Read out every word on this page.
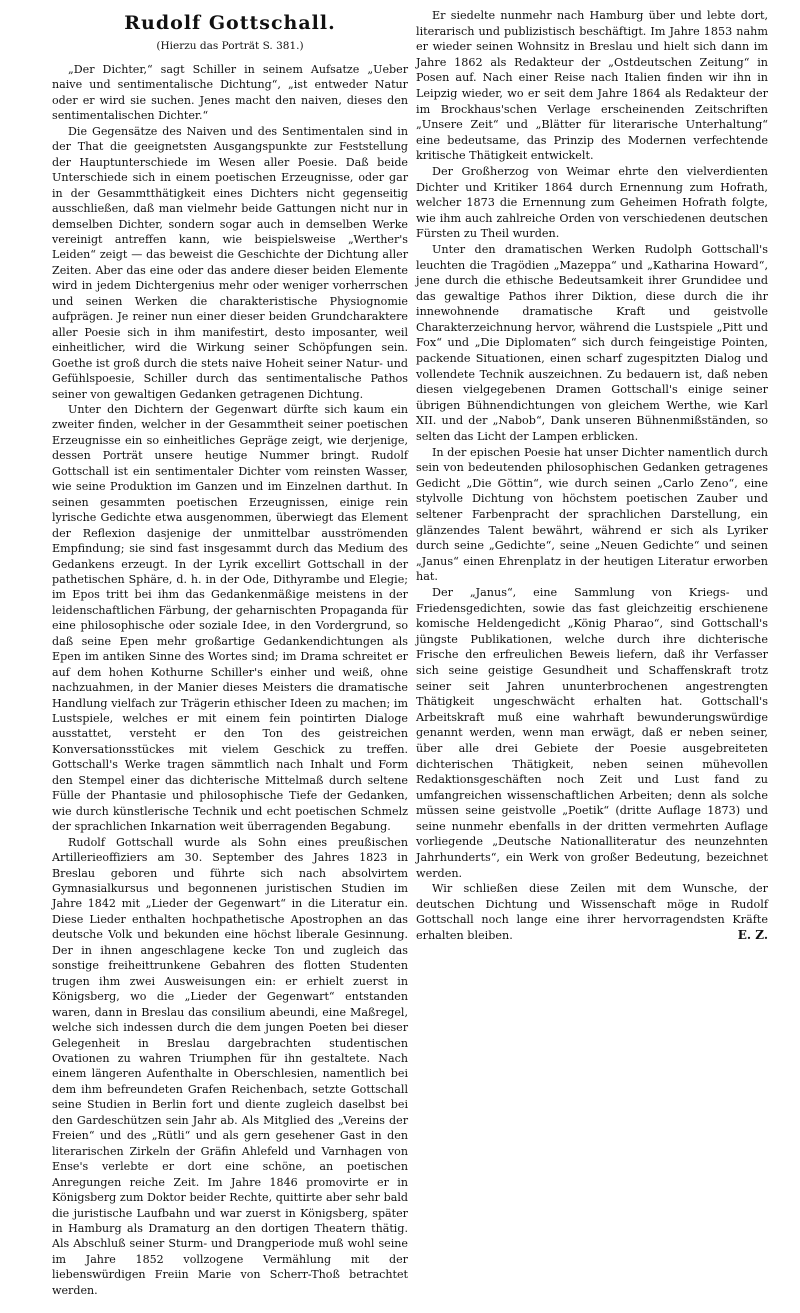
Rudolf Gottschall.
(Hierzu das Porträt S. 381.)

„Der Dichter,“ sagt Schiller in seinem Aufsatze „Ueber naive und sentimentalische Dichtung“, „ist entweder Natur oder er wird sie suchen. Jenes macht den naiven, dieses den sentimentalischen Dichter.“

Die Gegensätze des Naiven und des Sentimentalen sind in der That die geeignetsten Ausgangspunkte zur Feststellung der Hauptunterschiede im Wesen aller Poesie. Daß beide Unterschiede sich in einem poetischen Erzeugnisse, oder gar in der Gesammtthätigkeit eines Dichters nicht gegenseitig ausschließen, daß man vielmehr beide Gattungen nicht nur in demselben Dichter, sondern sogar auch in demselben Werke vereinigt antreffen kann, wie beispielsweise „Werther's Leiden“ zeigt — das beweist die Geschichte der Dichtung aller Zeiten. Aber das eine oder das andere dieser beiden Elemente wird in jedem Dichtergenius mehr oder weniger vorherrschen und seinen Werken die charakteristische Physiognomie aufprägen. Je reiner nun einer dieser beiden Grundcharaktere aller Poesie sich in ihm manifestirt, desto imposanter, weil einheitlicher, wird die Wirkung seiner Schöpfungen sein. Goethe ist groß durch die stets naive Hoheit seiner Natur- und Gefühlspoesie, Schiller durch das sentimentalische Pathos seiner von gewaltigen Gedanken getragenen Dichtung.

Unter den Dichtern der Gegenwart dürfte sich kaum ein zweiter finden, welcher in der Gesammtheit seiner poetischen Erzeugnisse ein so einheitliches Gepräge zeigt, wie derjenige, dessen Porträt unsere heutige Nummer bringt. Rudolf Gottschall ist ein sentimentaler Dichter vom reinsten Wasser, wie seine Produktion im Ganzen und im Einzelnen darthut. In seinen gesammten poetischen Erzeugnissen, einige rein lyrische Gedichte etwa ausgenommen, überwiegt das Element der Reflexion dasjenige der unmittelbar ausströmenden Empfindung; sie sind fast insgesammt durch das Medium des Gedankens erzeugt. In der Lyrik excellirt Gottschall in der pathetischen Sphäre, d. h. in der Ode, Dithyrambe und Elegie; im Epos tritt bei ihm das Gedankenmäßige meistens in der leidenschaftlichen Färbung, der geharnischten Propaganda für eine philosophische oder soziale Idee, in den Vordergrund, so daß seine Epen mehr großartige Gedankendichtungen als Epen im antiken Sinne des Wortes sind; im Drama schreitet er auf dem hohen Kothurne Schiller's einher und weiß, ohne nachzuahmen, in der Manier dieses Meisters die dramatische Handlung vielfach zur Trägerin ethischer Ideen zu machen; im Lustspiele, welches er mit einem fein pointirten Dialoge ausstattet, versteht er den Ton des geistreichen Konversationsstückes mit vielem Geschick zu treffen. Gottschall's Werke tragen sämmtlich nach Inhalt und Form den Stempel einer das dichterische Mittelmaß durch seltene Fülle der Phantasie und philosophische Tiefe der Gedanken, wie durch künstlerische Technik und echt poetischen Schmelz der sprachlichen Inkarnation weit überragenden Begabung.

Rudolf Gottschall wurde als Sohn eines preußischen Artillerieoffiziers am 30. September des Jahres 1823 in Breslau geboren und führte sich nach absolvirtem Gymnasialkursus und begonnenen juristischen Studien im Jahre 1842 mit „Lieder der Gegenwart“ in die Literatur ein. Diese Lieder enthalten hochpathetische Apostrophen an das deutsche Volk und bekunden eine höchst liberale Gesinnung. Der in ihnen angeschlagene kecke Ton und zugleich das sonstige freiheittrunkene Gebahren des flotten Studenten trugen ihm zwei Ausweisungen ein: er erhielt zuerst in Königsberg, wo die „Lieder der Gegenwart“ entstanden waren, dann in Breslau das consilium abeundi, eine Maßregel, welche sich indessen durch die dem jungen Poeten bei dieser Gelegenheit in Breslau dargebrachten studentischen Ovationen zu wahren Triumphen für ihn gestaltete. Nach einem längeren Aufenthalte in Oberschlesien, namentlich bei dem ihm befreundeten Grafen Reichenbach, setzte Gottschall seine Studien in Berlin fort und diente zugleich daselbst bei den Gardeschützen sein Jahr ab. Als Mitglied des „Vereins der Freien“ und des „Rütli“ und als gern gesehener Gast in den literarischen Zirkeln der Gräfin Ahlefeld und Varnhagen von Ense's verlebte er dort eine schöne, an poetischen Anregungen reiche Zeit. Im Jahre 1846 promovirte er in Königsberg zum Doktor beider Rechte, quittirte aber sehr bald die juristische Laufbahn und war zuerst in Königsberg, später in Hamburg als Dramaturg an den dortigen Theatern thätig. Als Abschluß seiner Sturm- und Drangperiode muß wohl seine im Jahre 1852 vollzogene Vermählung mit der liebenswürdigen Freiin Marie von Scherr-Thoß betrachtet werden.

Er siedelte nunmehr nach Hamburg über und lebte dort, literarisch und publizistisch beschäftigt. Im Jahre 1853 nahm er wieder seinen Wohnsitz in Breslau und hielt sich dann im Jahre 1862 als Redakteur der „Ostdeutschen Zeitung“ in Posen auf. Nach einer Reise nach Italien finden wir ihn in Leipzig wieder, wo er seit dem Jahre 1864 als Redakteur der im Brockhaus'schen Verlage erscheinenden Zeitschriften „Unsere Zeit“ und „Blätter für literarische Unterhaltung“ eine bedeutsame, das Prinzip des Modernen verfechtende kritische Thätigkeit entwickelt.

Der Großherzog von Weimar ehrte den vielverdienten Dichter und Kritiker 1864 durch Ernennung zum Hofrath, welcher 1873 die Ernennung zum Geheimen Hofrath folgte, wie ihm auch zahlreiche Orden von verschiedenen deutschen Fürsten zu Theil wurden.

Unter den dramatischen Werken Rudolph Gottschall's leuchten die Tragödien „Mazeppa“ und „Katharina Howard“, jene durch die ethische Bedeutsamkeit ihrer Grundidee und das gewaltige Pathos ihrer Diktion, diese durch die ihr innewohnende dramatische Kraft und geistvolle Charakterzeichnung hervor, während die Lustspiele „Pitt und Fox“ und „Die Diplomaten“ sich durch feingeistige Pointen, packende Situationen, einen scharf zugespitzten Dialog und vollendete Technik auszeichnen. Zu bedauern ist, daß neben diesen vielgegebenen Dramen Gottschall's einige seiner übrigen Bühnendichtungen von gleichem Werthe, wie Karl XII. und der „Nabob“, Dank unseren Bühnenmißständen, so selten das Licht der Lampen erblicken.

In der epischen Poesie hat unser Dichter namentlich durch sein von bedeutenden philosophischen Gedanken getragenes Gedicht „Die Göttin“, wie durch seinen „Carlo Zeno“, eine stylvolle Dichtung von höchstem poetischen Zauber und seltener Farbenpracht der sprachlichen Darstellung, ein glänzendes Talent bewährt, während er sich als Lyriker durch seine „Gedichte“, seine „Neuen Gedichte“ und seinen „Janus“ einen Ehrenplatz in der heutigen Literatur erworben hat.

Der „Janus“, eine Sammlung von Kriegs- und Friedensgedichten, sowie das fast gleichzeitig erschienene komische Heldengedicht „König Pharao“, sind Gottschall's jüngste Publikationen, welche durch ihre dichterische Frische den erfreulichen Beweis liefern, daß ihr Verfasser sich seine geistige Gesundheit und Schaffenskraft trotz seiner seit Jahren ununterbrochenen angestrengten Thätigkeit ungeschwächt erhalten hat. Gottschall's Arbeitskraft muß eine wahrhaft bewunderungswürdige genannt werden, wenn man erwägt, daß er neben seiner, über alle drei Gebiete der Poesie ausgebreiteten dichterischen Thätigkeit, neben seinen mühevollen Redaktionsgeschäften noch Zeit und Lust fand zu umfangreichen wissenschaftlichen Arbeiten; denn als solche müssen seine geistvolle „Poetik“ (dritte Auflage 1873) und seine nunmehr ebenfalls in der dritten vermehrten Auflage vorliegende „Deutsche Nationalliteratur des neunzehnten Jahrhunderts“, ein Werk von großer Bedeutung, bezeichnet werden.

Wir schließen diese Zeilen mit dem Wunsche, der deutschen Dichtung und Wissenschaft möge in Rudolf Gottschall noch lange eine ihrer hervorragendsten Kräfte erhalten bleiben.	E. Z.
